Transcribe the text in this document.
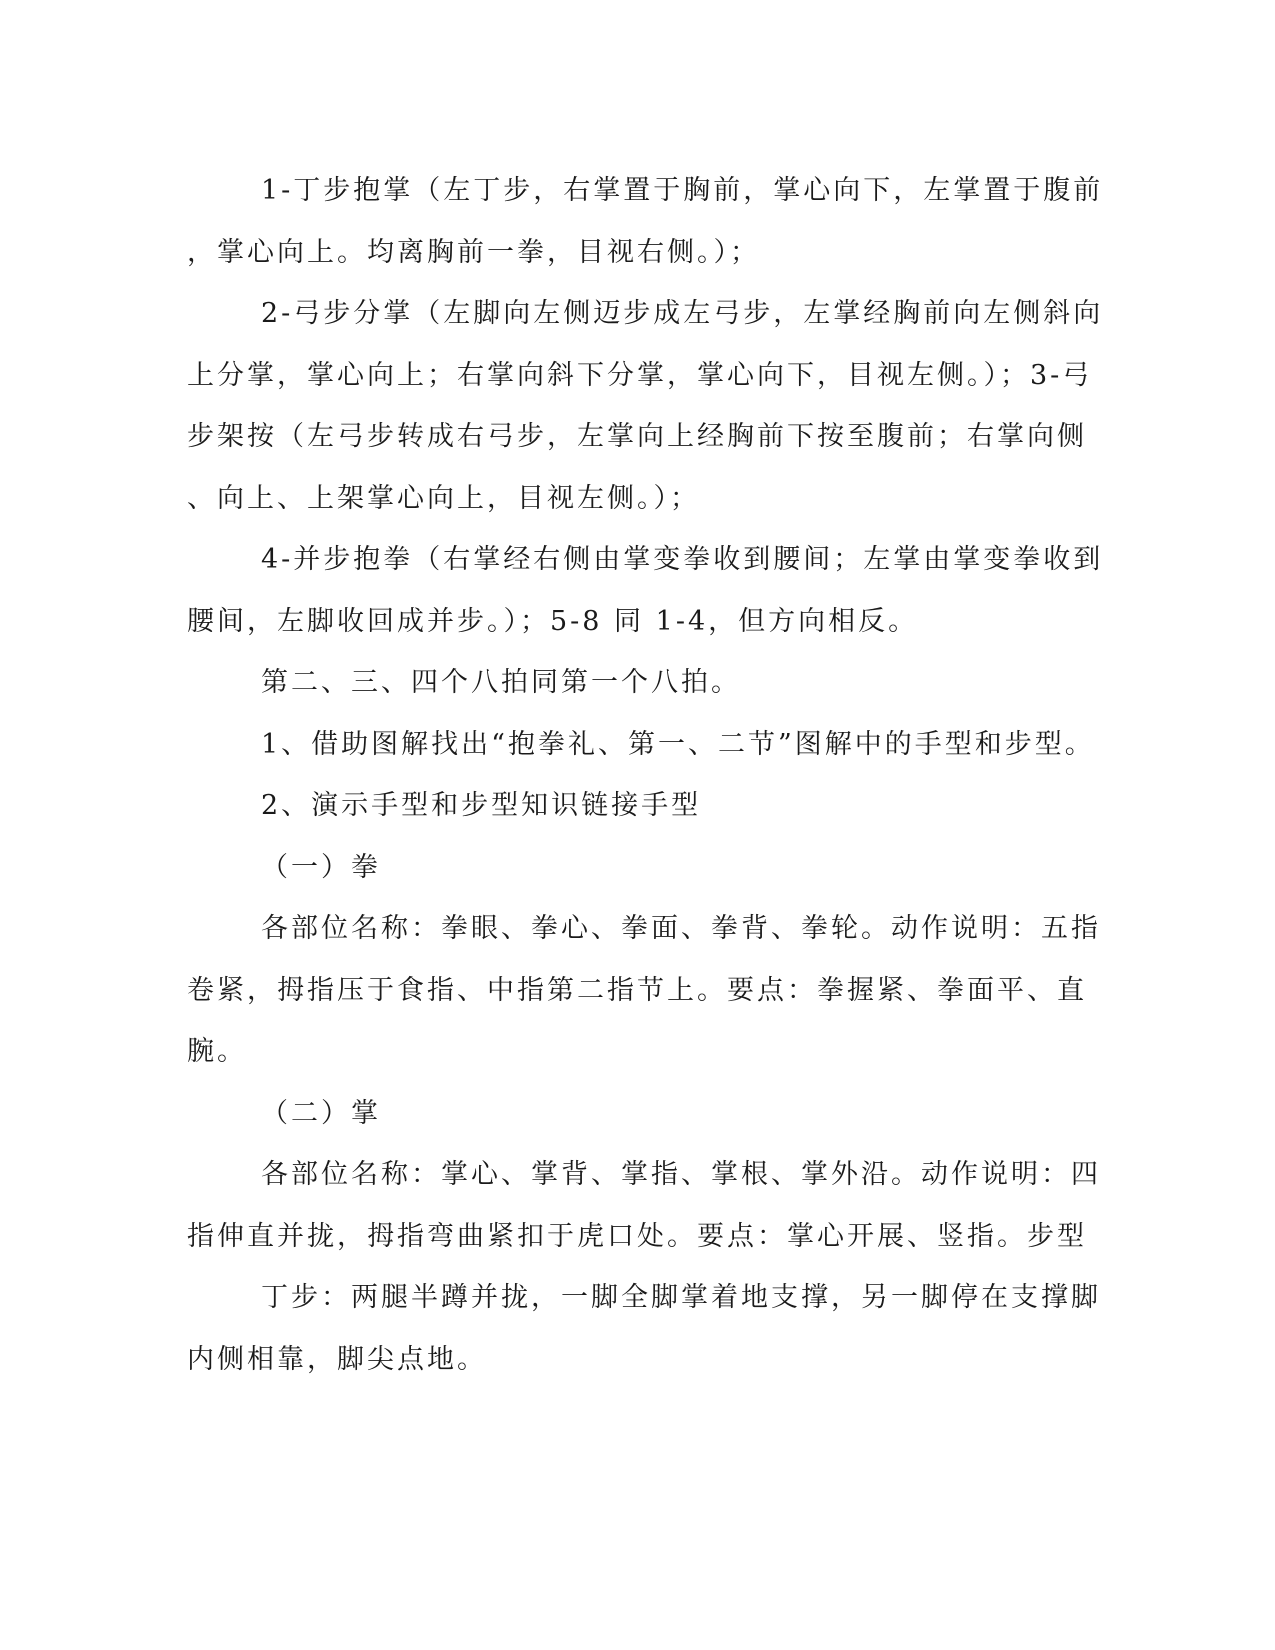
1-丁步抱掌（左丁步，右掌置于胸前，掌心向下，左掌置于腹前
，掌心向上。均离胸前一拳，目视右侧。）；
2-弓步分掌（左脚向左侧迈步成左弓步，左掌经胸前向左侧斜向
上分掌，掌心向上；右掌向斜下分掌，掌心向下，目视左侧。）；3-弓
步架按（左弓步转成右弓步，左掌向上经胸前下按至腹前；右掌向侧
、向上、上架掌心向上，目视左侧。）；
4-并步抱拳（右掌经右侧由掌变拳收到腰间；左掌由掌变拳收到
腰间，左脚收回成并步。）；5-8 同 1-4，但方向相反。
第二、三、四个八拍同第一个八拍。
1、借助图解找出“抱拳礼、第一、二节”图解中的手型和步型。
2、演示手型和步型知识链接手型
（一）拳
各部位名称：拳眼、拳心、拳面、拳背、拳轮。动作说明：五指
卷紧，拇指压于食指、中指第二指节上。要点：拳握紧、拳面平、直
腕。
（二）掌
各部位名称：掌心、掌背、掌指、掌根、掌外沿。动作说明：四
指伸直并拢，拇指弯曲紧扣于虎口处。要点：掌心开展、竖指。步型
丁步：两腿半蹲并拢，一脚全脚掌着地支撑，另一脚停在支撑脚
内侧相靠，脚尖点地。
